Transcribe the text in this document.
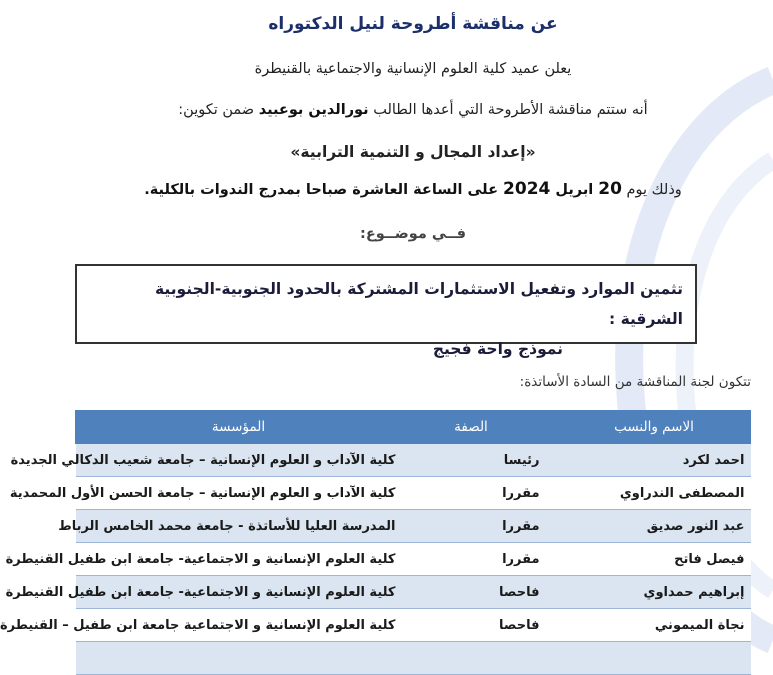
عن مناقشة أطروحة لنيل الدكتوراه
يعلن عميد كلية العلوم الإنسانية والاجتماعية بالقنيطرة
أنه ستتم مناقشة الأطروحة التي أعدها الطالب نورالدين بوعبيد ضمن تكوين:
«إعداد المجال و التنمية الترابية»
وذلك يوم 20 ابريل 2024 على الساعة العاشرة صباحا بمدرج الندوات بالكلية.
فــي موضــوع:
تثمين الموارد وتفعيل الاستثمارات المشتركة بالحدود الجنوبية-الجنوبية الشرقية :
نموذج واحة فجيج
تتكون لجنة المناقشة من السادة الأساتذة:
الاسم والنسب	الصفة	المؤسسة
احمد لكرد	رئيسا	كلية الآداب و العلوم الإنسانية – جامعة شعيب الدكالي الجديدة
المصطفى الندراوي	مقررا	كلية الآداب و العلوم الإنسانية – جامعة الحسن الأول المحمدية
عبد النور صديق	مقررا	المدرسة العليا للأساتذة - جامعة محمد الخامس الرباط
فيصل فاتح	مقررا	كلية العلوم الإنسانية و الاجتماعية- جامعة ابن طفيل القنيطرة
إبراهيم حمداوي	فاحصا	كلية العلوم الإنسانية و الاجتماعية- جامعة ابن طفيل القنيطرة
نجاة الميموني	فاحصا	كلية العلوم الإنسانية و الاجتماعية جامعة ابن طفيل – القنيطرة
